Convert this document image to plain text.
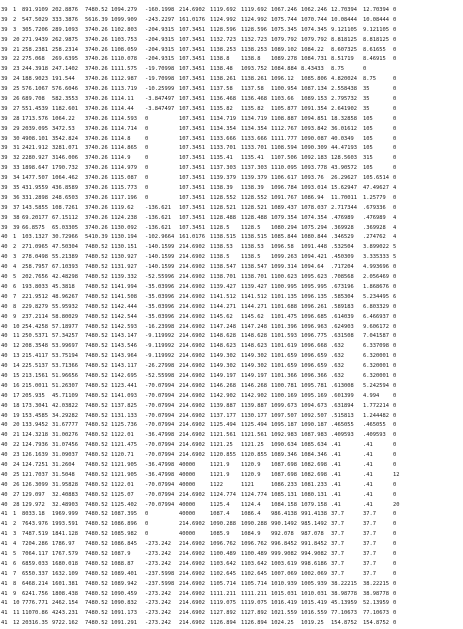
39	1	891.9109 202.8876	7480.52 1094.279	-160.1998 214.6902 1119.692 1119.692 1067.246 1062.246 12.70394	12.70394 0
39	2	547.5029 333.3876	5616.39 1099.909	-243.2297 161.0176 1124.992 1124.992 1075.744 1070.744 10.08444	10.08444 0
39	3	305.7206 289.1093	3740.26 1102.803	-204.9315 107.3451 1128.596 1128.596 1075.345 1074.345 9.121105	9.121105 0
39	20 271.9439 262.9875	3740.26 1103.753	-204.9315 107.3451 1132.723 1132.723 1079.792 1079.792 8.818125	8.818125 0
39	21 258.2381 258.2314	3740.26 1108.059	-204.9315 107.3451 1138.253 1138.253 1089.102 1084.22	8.607325	8.61655	0
39	22 275.068	269.6395	3740.26 1110.078	-204.9315 107.3451 1138.8	1138.8	1089.278 1084.731 8.51719	8.46915	0
39	23 244.3918 247.1402	3740.26 1111.575	-19.70998 107.3451 1138.48	1093.752 1084.884 8.43433	8.75	0
39	24 188.9023 191.544	3740.26 1112.987	-19.70998 107.3451 1138.261 1138.261 1096.12	1085.806 4.820024	8.75	0
39	25 576.1067 576.6046	3740.26 1113.719	-10.25999 107.3451 1137.58	1137.58	1100.954 1087.134 2.558438	35	0
39	26 689.708	582.3553	3740.26 1114.11	-3.847497 107.3451 1136.468 1136.468 1103.66	1089.153 2.795732	35	0
39	27 551.4539 1182.601	3740.26 1114.44	-3.847497 107.3451 1135.82	1135.82	1105.877 1091.354 2.641902	35	0
39	28 1713.576 1064.22	3740.26 1114.593	0	107.3451 1134.719 1134.719 1108.887 1094.851 18.32858	105	0
39	29 2039.095 3472.53	3740.26 1114.714	0	107.3451 1134.354 1134.354 1112.767 1093.842 36.01612	105	0
39	30 4908.101 3542.824	3740.26 1114.8	0	107.3451 1133.666 1133.666 1111.777 1090.087 40.0349	105	0
39	31 2421.912 3281.071	3740.26 1114.865	0	107.3451 1133.701 1133.701 1108.594 1090.309 44.47193	105	0
39	32 2280.927 3146.006	3740.26 1114.9	0	107.3451 1135.41	1135.41	1107.506 1092.183 128.5603	315	0
39	33 1898.647 1790.732	3740.26 1114.979	0	107.3451 1137.303 1137.303 1110.095 1093.778 43.90572	105	0
39	34 1477.507 1064.462	3740.26 1115.087	0	107.3451 1139.379 1139.379 1106.617 1093.76	26.29627	105.6514 0
39	35 431.9559 436.8589	3740.26 1115.773	0	107.3451 1138.39	1138.39	1096.784 1093.014 15.62947	47.49627 4
39	36 331.2898 248.6503	3740.26 1117.196	0	107.3451 1128.552 1128.552 1091.767 1086.94	11.70011	1.25779	0
39	37 143.5855 108.7261	3740.26 1119.62	-136.621	107.3451 1128.521 1128.521 1089.437 1078.037 2.717344	.679336	0
39	38 69.20177 67.15112	3740.26 1124.238	-136.621	107.3451 1128.488 1128.488 1079.354 1074.354 .476989	.476989	4
39	39 66.8575	65.03305	3740.26 1130.092	-136.621	107.3451 1128.5	1128.5	1080.294 1075.294 .369928	.369928	4
40	1	103.1327 30.72966	5410.39 1130.194	-102.9664 161.0176 1138.515 1138.515 1085.844 1080.844 .346529	.274762	4
40	2	271.0965 47.50304	7480.52 1130.151	-140.1599 214.6902 1138.53	1138.53	1096.58	1091.448 .532504	3.899022 5
40	3	278.0498 55.21389	7480.52 1130.927	-140.1599 214.6902 1138.5	1138.5	1099.263 1094.421 .450309	3.335333 5
40	4	258.7957 67.10393	7480.52 1131.927	-140.1599 214.6902 1138.547 1138.547 1099.314 1094.64	.717204	4.993696 0
40	5	202.7656 42.48298	7480.52 1139.332	-52.55996 214.6902 1138.701 1138.701 1100.623 1095.623 .708568	2.056469 0
40	6	193.8033 45.3818	7480.52 1141.994	-35.03996 214.6902 1139.427 1139.427 1100.995 1095.995 .673196	1.868676 0
40	7	221.9512 48.96267	7480.52 1141.508	-35.03996 214.6902 1141.512 1141.512 1101.135 1096.135 .585304	5.234495 6
40	8	229.8279 55.95932	7480.52 1142.444	-35.03996 214.6902 1144.271 1144.271 1101.688 1096.261 .589183	6.803329 0
40	9	237.2114 58.80029	7480.52 1142.544	-35.03996 214.6902 1145.62	1145.62	1101.475 1096.685 .614039	6.466937 0
40	10 254.4258 57.18977	7480.52 1142.593	-16.23998 214.6902 1147.248 1147.248 1101.396 1096.963 .624903	9.606172 0
40	11 250.5371 57.34257	7480.52 1143.147	-9.119992 214.6902 1148.628 1148.628 1101.593 1096.775 .631508	7.041587 0
40	12 208.3548 53.99697	7480.52 1143.546	-9.119992 214.6902 1148.623 1148.623 1101.619 1096.668 .632	6.337098 0
40	13 215.4117 53.75194	7480.52 1143.964	-9.119992 214.6902 1149.302 1149.302 1101.659 1096.659 .632	6.320001 0
40	14 225.5137 53.71366	7480.52 1143.117	-26.27998 214.6902 1149.302 1149.302 1101.659 1096.659 .632	6.320001 0
40	15 213.1561 51.96656	7480.52 1142.695	-52.55998 214.6902 1149.197 1149.197 1101.366 1096.366 .632	6.320001 0
40	16 215.0011 51.26307	7480.52 1123.441	-70.07994 214.6902 1146.268 1146.268 1100.781 1095.781 .613008	5.242594 0
40	17 205.935	45.71109	7480.52 1141.093	-70.07994 214.6902 1142.902 1142.902 1100.169 1095.169 .601399	4.994	0
40	18 173.3041 42.03822	7480.52 1137.825	-70.07994 214.6902 1139.887 1139.887 1099.673 1094.673 .631894	1.772214 0
40	19 153.4585 34.29282	7480.52 1131.133	-70.07994 214.6902 1137.177 1130.177 1097.507 1092.507 .515813	1.244482 0
40	20 133.9452 31.67777	7480.52 1125.736	-70.07994 214.6902 1125.494 1125.494 1095.187 1090.187 .465055	.465055	0
40	21 124.3218 31.00276	7480.52 1122.01	-36.47998 214.6902 1121.561 1121.561 1092.983 1087.983 .409593	.409593	0
40	22 124.7936 31.07456	7480.52 1121.475	-70.07994 214.6902 1121.25	1121.25	1090.634 1085.634 .41	.41	0
40	23 126.1639 31.09037	7480.52 1120.71	-70.07994 214.6902 1120.855 1120.855 1089.346 1084.346 .41	.41	0
40	24 124.7251 31.2604	7480.52 1121.905	-36.47998 40000	1121.9	1120.9	1087.698 1082.698 .41	.41	0
40	25 121.7037 31.5048	7480.52 1121.905	-36.47998 40000	1121.9	1120.9	1087.698 1082.698 .41	.41	12
40	26 126.3099 31.95828	7480.52 1122.01	-70.07994 40000	1122	1121	1086.233 1081.233 .41	.41	0
40	27 129.097	32.40883	7480.52 1125.07	-70.07994 214.6902 1124.774 1124.774 1085.131 1080.131 .41	.41	0
40	28 129.972	32.48903	7480.52 1125.402	-70.07994 40000	1125.4	1124.4	1084.158 1079.158 .41	.41	20
41	1	8033.18	1969.999	7480.52 1087.395	0	40000	1087.4	1086.4	986.4138 991.4138 37.7	37.7	0
41	2	7643.976 1993.591	7480.52 1086.896	0	214.6902 1090.288 1090.288 990.1492 985.1492 37.7	37.7	0
41	3	7487.519 1841.128	7480.52 1085.982	0	40000	1085.9	1084.9	992.078	987.078	37.7	37.7	0
41	4	7204.286 1786.97	7480.52 1086.845	-273.242	214.6902 1096.762 1096.762 996.8452 991.8452 37.7	37.7	0
41	5	7064.117 1767.579	7480.52 1087.9	-273.242	214.6902 1100.489 1100.489 999.9082 994.9082 37.7	37.7	0
41	6	6859.033 1680.018	7480.52 1088.87	-273.242	214.6902 1103.642 1103.642 1003.619 998.6186 37.7	37.7	0
41	7	6550.337 1632.109	7480.52 1089.401	-237.5998 214.6902 1102.645 1102.645 1007.069 1002.069 37.7	37.7	0
41	8	6468.214 1601.381	7480.52 1089.942	-237.5998 214.6902 1105.714 1105.714 1010.939 1005.939 38.22215	38.22215 0
41	9	6241.756 1808.438	7480.52 1090.459	-273.242	214.6902 1111.211 1111.211 1015.031 1010.031 38.98778	38.98778 0
41	10 7776.771 2462.154	7480.52 1090.832	-273.242	214.6902 1119.075 1119.075 1016.419 1015.419 45.13959	52.13959 0
41	11 11070.86 4243.231	7480.52 1091.173	-273.242	214.6902 1127.892 1127.892 1021.559 1016.559 77.10673	77.10673 0
41	12 20316.35 9722.162	7480.52 1091.291	-273.242	214.6902 1126.894 1126.894 1024.25	1019.25	154.8752	154.8752 0
